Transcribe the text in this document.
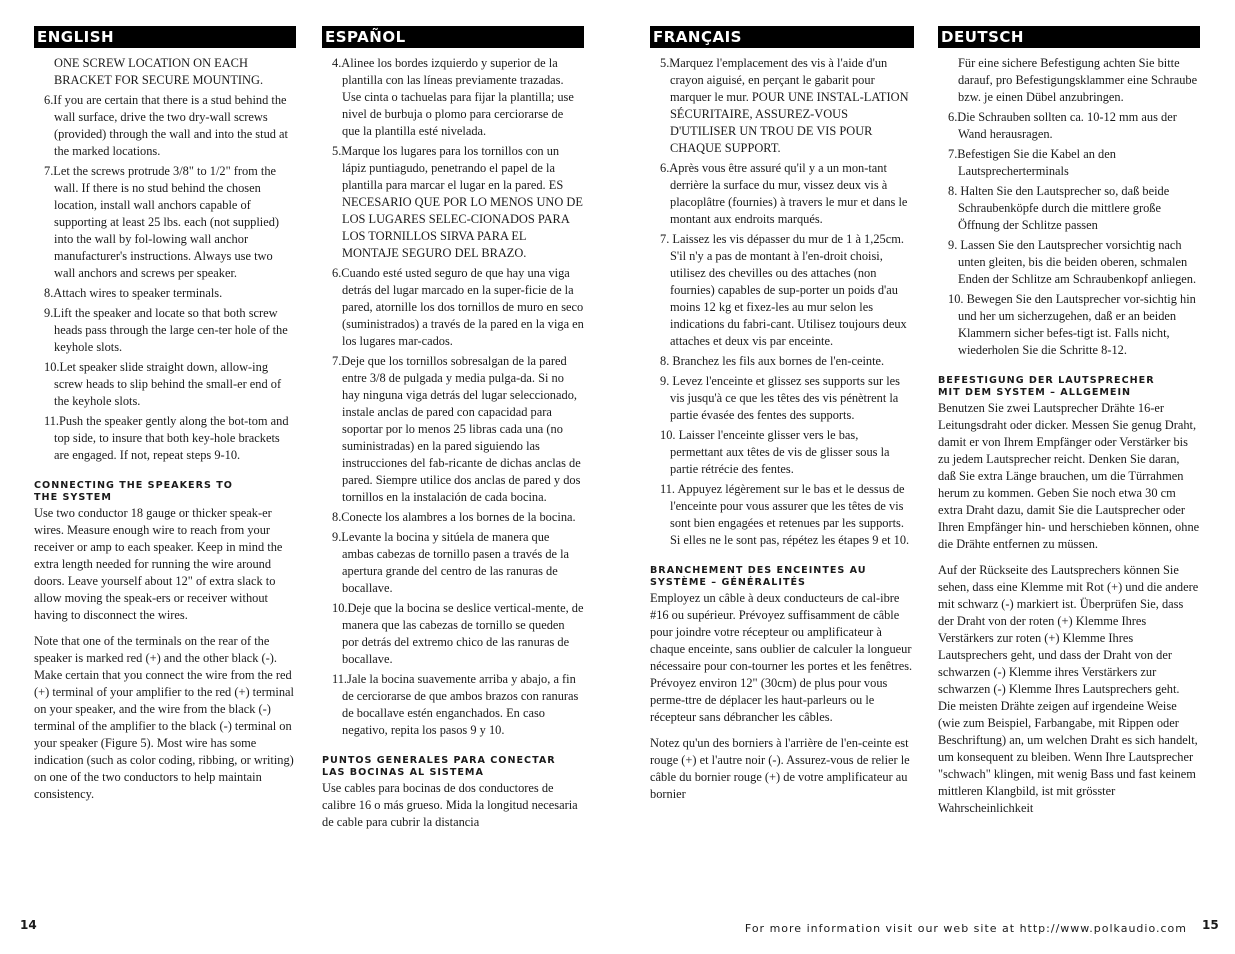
ENGLISH

ONE SCREW LOCATION ON EACH BRACKET FOR SECURE MOUNTING.

6.If you are certain that there is a stud behind the wall surface, drive the two dry-wall screws (provided) through the wall and into the stud at the marked locations.

7.Let the screws protrude 3/8" to 1/2" from the wall. If there is no stud behind the chosen location, install wall anchors capable of supporting at least 25 lbs. each (not supplied) into the wall by fol-lowing wall anchor manufacturer's instructions. Always use two wall anchors and screws per speaker.

8.Attach wires to speaker terminals.

9.Lift the speaker and locate so that both screw heads pass through the large cen-ter hole of the keyhole slots.

10.Let speaker slide straight down, allow-ing screw heads to slip behind the small-er end of the keyhole slots.

11.Push the speaker gently along the bot-tom and top side, to insure that both key-hole brackets are engaged. If not, repeat steps 9-10.

CONNECTING THE SPEAKERS TO
THE SYSTEM

Use two conductor 18 gauge or thicker speak-er wires. Measure enough wire to reach from your receiver or amp to each speaker. Keep in mind the extra length needed for running the wire around doors. Leave yourself about 12" of extra slack to allow moving the speak-ers or receiver without having to disconnect the wires.

Note that one of the terminals on the rear of the speaker is marked red (+) and the other black (-). Make certain that you connect the wire from the red (+) terminal of your amplifier to the red (+) terminal on your speaker, and the wire from the black (-) terminal of the amplifier to the black (-) terminal on your speaker (Figure 5). Most wire has some indication (such as color coding, ribbing, or writing) on one of the two conductors to help maintain consistency.

ESPAÑOL

4.Alinee los bordes izquierdo y superior de la plantilla con las líneas previamente trazadas. Use cinta o tachuelas para fijar la plantilla; use nivel de burbuja o plomo para cerciorarse de que la plantilla esté nivelada.

5.Marque los lugares para los tornillos con un lápiz puntiagudo, penetrando el papel de la plantilla para marcar el lugar en la pared. ES NECESARIO QUE POR LO MENOS UNO DE LOS LUGARES SELEC-CIONADOS PARA LOS TORNILLOS SIRVA PARA EL MONTAJE SEGURO DEL BRAZO.

6.Cuando esté usted seguro de que hay una viga detrás del lugar marcado en la super-ficie de la pared, atornille los dos tornillos de muro en seco (suministrados) a través de la pared en la viga en los lugares mar-cados.

7.Deje que los tornillos sobresalgan de la pared entre 3/8 de pulgada y media pulga-da. Si no hay ninguna viga detrás del lugar seleccionado, instale anclas de pared con capacidad para soportar por lo menos 25 libras cada una (no suministradas) en la pared siguiendo las instrucciones del fab-ricante de dichas anclas de pared. Siempre utilice dos anclas de pared y dos tornillos en la instalación de cada bocina.

8.Conecte los alambres a los bornes de la bocina.

9.Levante la bocina y sitúela de manera que ambas cabezas de tornillo pasen a través de la apertura grande del centro de las ranuras de bocallave.

10.Deje que la bocina se deslice vertical-mente, de manera que las cabezas de tornillo se queden por detrás del extremo chico de las ranuras de bocallave.

11.Jale la bocina suavemente arriba y abajo, a fin de cerciorarse de que ambos brazos con ranuras de bocallave estén enganchados. En caso negativo, repita los pasos 9 y 10.

PUNTOS GENERALES PARA CONECTAR
LAS BOCINAS AL SISTEMA

Use cables para bocinas de dos conductores de calibre 16 o más grueso. Mida la longitud necesaria de cable para cubrir la distancia

FRANÇAIS

5.Marquez l'emplacement des vis à l'aide d'un crayon aiguisé, en perçant le gabarit pour marquer le mur. POUR UNE INSTAL-LATION SÉCURITAIRE, ASSUREZ-VOUS D'UTILISER UN TROU DE VIS POUR CHAQUE SUPPORT.

6.Après vous être assuré qu'il y a un mon-tant derrière la surface du mur, vissez deux vis à placoplâtre (fournies) à travers le mur et dans le montant aux endroits marqués.

7. Laissez les vis dépasser du mur de 1 à 1,25cm. S'il n'y a pas de montant à l'en-droit choisi, utilisez des chevilles ou des attaches (non fournies) capables de sup-porter un poids d'au moins 12 kg et fixez-les au mur selon les indications du fabri-cant. Utilisez toujours deux attaches et deux vis par enceinte.

8. Branchez les fils aux bornes de l'en-ceinte.

9. Levez l'enceinte et glissez ses supports sur les vis jusqu'à ce que les têtes des vis pénètrent la partie évasée des fentes des supports.

10. Laisser l'enceinte glisser vers le bas, permettant aux têtes de vis de glisser sous la partie rétrécie des fentes.

11. Appuyez légèrement sur le bas et le dessus de l'enceinte pour vous assurer que les têtes de vis sont bien engagées et retenues par les supports. Si elles ne le sont pas, répétez les étapes 9 et 10.

BRANCHEMENT DES ENCEINTES AU
SYSTÈME – GÉNÉRALITÉS

Employez un câble à deux conducteurs de cal-ibre #16 ou supérieur. Prévoyez suffisamment de câble pour joindre votre récepteur ou amplificateur à chaque enceinte, sans oublier de calculer la longueur nécessaire pour con-tourner les portes et les fenêtres. Prévoyez environ 12" (30cm) de plus pour vous perme-ttre de déplacer les haut-parleurs ou le récepteur sans débrancher les câbles.

Notez qu'un des borniers à l'arrière de l'en-ceinte est rouge (+) et l'autre noir (-). Assurez-vous de relier le câble du bornier rouge (+) de votre amplificateur au bornier

DEUTSCH

Für eine sichere Befestigung achten Sie bitte darauf, pro Befestigungsklammer eine Schraube bzw. je einen Dübel anzubringen.

6.Die Schrauben sollten ca. 10-12 mm aus der Wand herausragen.

7.Befestigen Sie die Kabel an den Lautsprecherterminals

8. Halten Sie den Lautsprecher so, daß beide Schraubenköpfe durch die mittlere große Öffnung der Schlitze passen

9. Lassen Sie den Lautsprecher vorsichtig nach unten gleiten, bis die beiden oberen, schmalen Enden der Schlitze am Schraubenkopf anliegen.

10. Bewegen Sie den Lautsprecher vor-sichtig hin und her um sicherzugehen, daß er an beiden Klammern sicher befes-tigt ist. Falls nicht, wiederholen Sie die Schritte 8-12.

BEFESTIGUNG DER LAUTSPRECHER
MIT DEM SYSTEM – ALLGEMEIN

Benutzen Sie zwei Lautsprecher Drähte 16-er Leitungsdraht oder dicker. Messen Sie genug Draht, damit er von Ihrem Empfänger oder Verstärker bis zu jedem Lautsprecher reicht. Denken Sie daran, daß Sie extra Länge brauchen, um die Türrahmen herum zu kommen. Geben Sie noch etwa 30 cm extra Draht dazu, damit Sie die Lautsprecher oder Ihren Empfänger hin- und herschieben können, ohne die Drähte entfernen zu müssen.

Auf der Rückseite des Lautsprechers können Sie sehen, dass eine Klemme mit Rot (+) und die andere mit schwarz (-) markiert ist. Überprüfen Sie, dass der Draht von der roten (+) Klemme Ihres Verstärkers zur roten (+) Klemme Ihres Lautsprechers geht, und dass der Draht von der schwarzen (-) Klemme ihres Verstärkers zur schwarzen (-) Klemme Ihres Lautsprechers geht. Die meisten Drähte zeigen auf irgendeine Weise (wie zum Beispiel, Farbangabe, mit Rippen oder Beschriftung) an, um welchen Draht es sich handelt, um konsequent zu bleiben. Wenn Ihre Lautsprecher "schwach" klingen, mit wenig Bass und fast keinem mittleren Klangbild, ist mit grösster Wahrscheinlichkeit

14	For more information visit our web site at http://www.polkaudio.com 15
